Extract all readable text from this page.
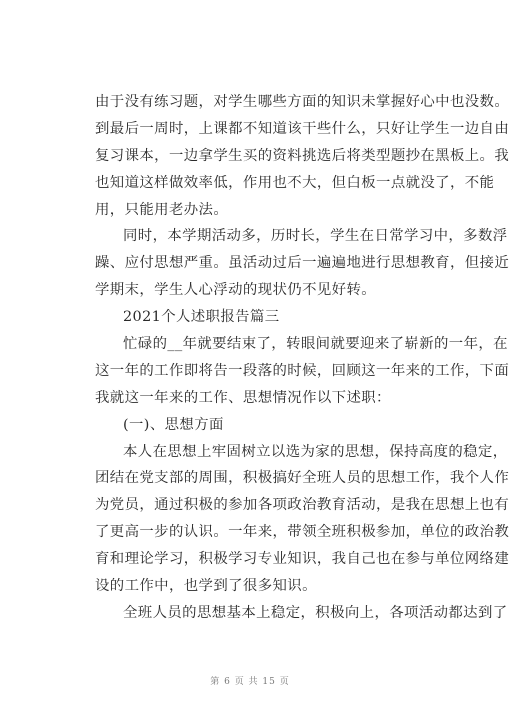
由于没有练习题，对学生哪些方面的知识未掌握好心中也没数。
到最后一周时，上课都不知道该干些什么，只好让学生一边自由
复习课本，一边拿学生买的资料挑选后将类型题抄在黑板上。我
也知道这样做效率低，作用也不大，但白板一点就没了，不能
用，只能用老办法。
同时，本学期活动多，历时长，学生在日常学习中，多数浮
躁、应付思想严重。虽活动过后一遍遍地进行思想教育，但接近
学期末，学生人心浮动的现状仍不见好转。
2021个人述职报告篇三
忙碌的__年就要结束了，转眼间就要迎来了崭新的一年，在
这一年的工作即将告一段落的时候，回顾这一年来的工作，下面
我就这一年来的工作、思想情况作以下述职：
(一)、思想方面
本人在思想上牢固树立以选为家的思想，保持高度的稳定，
团结在党支部的周围，积极搞好全班人员的思想工作，我个人作
为党员，通过积极的参加各项政治教育活动，是我在思想上也有
了更高一步的认识。一年来，带领全班积极参加，单位的政治教
育和理论学习，积极学习专业知识，我自己也在参与单位网络建
设的工作中，也学到了很多知识。
全班人员的思想基本上稳定，积极向上，各项活动都达到了
第 6 页 共 15 页
